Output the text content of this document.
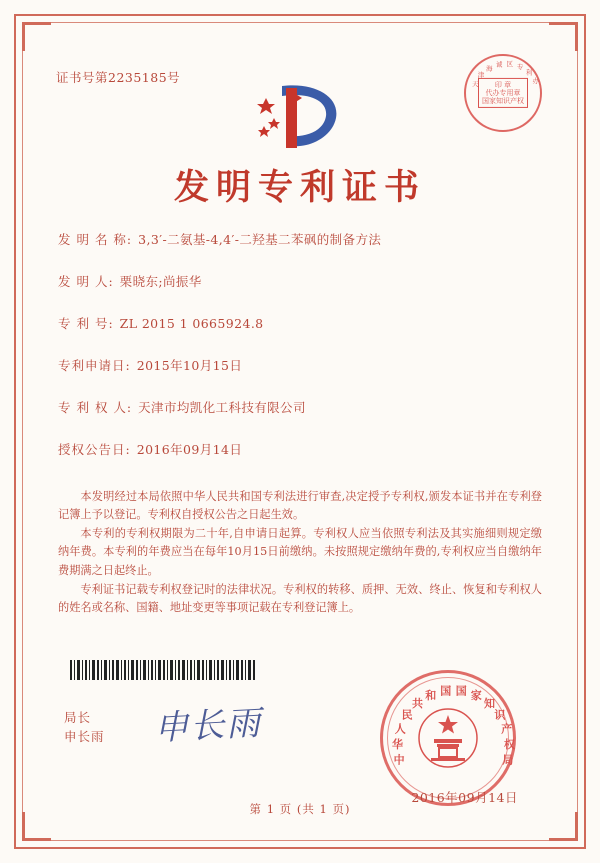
证书号第2235185号	天
津
海 诚 区 专
利
办
印 章
代办专用章
国家知识产权
发明专利证书
发 明 名 称: 3,3′-二氨基-4,4′-二羟基二苯砜的制备方法
发 明 人: 栗晓东;尚振华
专 利 号: ZL 2015 1 0665924.8
专利申请日: 2015年10月15日
专 利 权 人: 天津市均凯化工科技有限公司
授权公告日: 2016年09月14日

本发明经过本局依照中华人民共和国专利法进行审查,决定授予专利权,颁发本证书并在专利登记簿上予以登记。专利权自授权公告之日起生效。

本专利的专利权期限为二十年,自申请日起算。专利权人应当依照专利法及其实施细则规定缴纳年费。本专利的年费应当在每年10月15日前缴纳。未按照规定缴纳年费的,专利权应当自缴纳年费期满之日起终止。

专利证书记载专利权登记时的法律状况。专利权的转移、质押、无效、终止、恢复和专利权人的姓名或名称、国籍、地址变更等事项记载在专利登记簿上。

局长
申长雨 申长雨
中
华
人
民
共
和 国 国 家
知
识
产
权
局
2016年09月14日
第 1 页 (共 1 页)
